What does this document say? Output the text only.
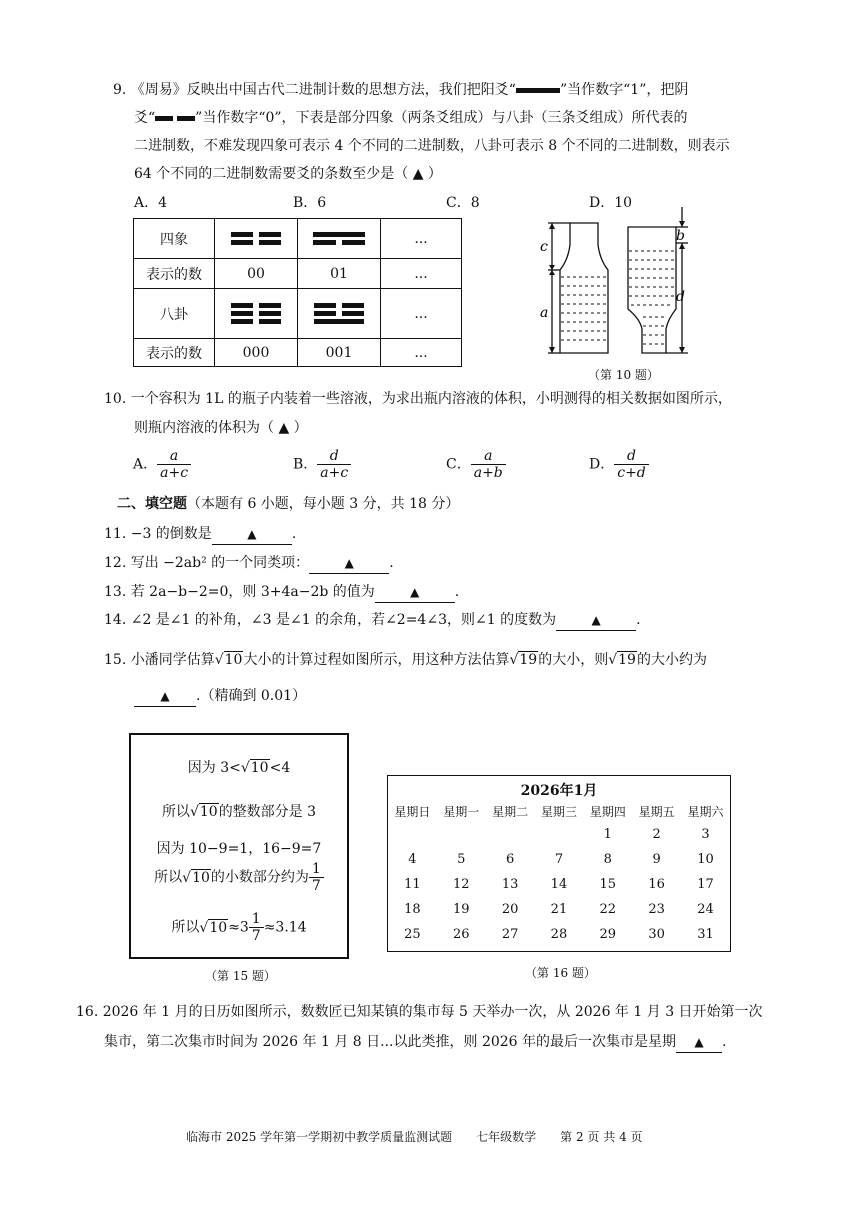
9. 《周易》反映出中国古代二进制计数的思想方法，我们把阳爻“	”当作数字“1”，把阴
爻“	”当作数字“0”，下表是部分四象（两条爻组成）与八卦（三条爻组成）所代表的
二进制数，不难发现四象可表示 4 个不同的二进制数，八卦可表示 8 个不同的二进制数，则表示
64 个不同的二进制数需要爻的条数至少是（ ▲ ）
A．4	B．6	C．8	D．10
四象			...
表示的数	00	01	...
八卦			...
表示的数	000	001	...
c
a
b
d
（第 10 题）
10. 一个容积为 1L 的瓶子内装着一些溶液，为求出瓶内溶液的体积，小明测得的相关数据如图所示，
则瓶内溶液的体积为（ ▲ ）
A． $\frac{a}{a+c}$	B． $\frac{d}{a+c}$	C． $\frac{a}{a+b}$	D． $\frac{d}{c+d}$
二、填空题（本题有 6 小题，每小题 3 分，共 18 分）
11. −3 的倒数是	▲	.
12. 写出 −2ab² 的一个同类项：	▲	.
13. 若 2a−b−2=0，则 3+4a−2b 的值为	▲	.
14. ∠2 是∠1 的补角，∠3 是∠1 的余角，若∠2=4∠3，则∠1 的度数为	▲	.
15. 小潘同学估算√10大小的计算过程如图所示，用这种方法估算√19的大小，则√19的大小约为
▲ .（精确到 0.01）
因为 3<√10<4
所以√10的整数部分是 3
因为 10−9=1，16−9=7
所以√10的小数部分约为 $\frac{1}{7}$
所以$√10\approx 3 \frac{1}{7} \approx 3.14$
（第 15 题）
2026年1月
星期日	星期一	星期二	星期三	星期四	星期五	星期六
				1	2	3
4	5	6	7	8	9	10
11	12	13	14	15	16	17
18	19	20	21	22	23	24
25	26	27	28	29	30	31
（第 16 题）
16. 2026 年 1 月的日历如图所示，数数匠已知某镇的集市每 5 天举办一次，从 2026 年 1 月 3 日开始第一次
集市，第二次集市时间为 2026 年 1 月 8 日...以此类推，则 2026 年的最后一次集市是星期 ▲ .
临海市 2025 学年第一学期初中教学质量监测试题　　七年级数学　　第 2 页 共 4 页
